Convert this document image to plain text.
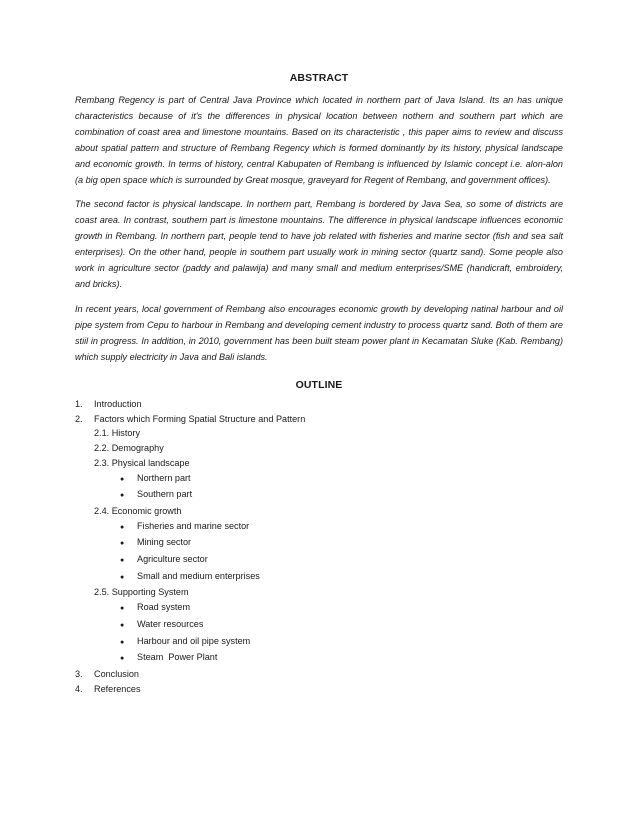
ABSTRACT

Rembang Regency is part of Central Java Province which located in northern part of Java Island. Its an has unique characteristics because of it's the differences in physical location between nothern and southern part which are combination of coast area and limestone mountains. Based on its characteristic , this paper aims to review and discuss about spatial pattern and structure of Rembang Regency which is formed dominantly by its history, physical landscape and economic growth. In terms of history, central Kabupaten of Rembang is influenced by Islamic concept i.e. alon-alon (a big open space which is surrounded by Great mosque, graveyard for Regent of Rembang, and government offices).

The second factor is physical landscape. In northern part, Rembang is bordered by Java Sea, so some of districts are coast area. In contrast, southern part is limestone mountains. The difference in physical landscape influences economic growth in Rembang. In northern part, people tend to have job related with fisheries and marine sector (fish and sea salt enterprises). On the other hand, people in southern part usually work in mining sector (quartz sand). Some people also work in agriculture sector (paddy and palawija) and many small and medium enterprises/SME (handicraft, embroidery, and bricks).

In recent years, local government of Rembang also encourages economic growth by developing natinal harbour and oil pipe system from Cepu to harbour in Rembang and developing cement industry to process quartz sand. Both of them are stiil in progress. In addition, in 2010, government has been built steam power plant in Kecamatan Sluke (Kab. Rembang) which supply electricity in Java and Bali islands.

OUTLINE
1.	Introduction
2.	Factors which Forming Spatial Structure and Pattern
2.1. History
2.2. Demography
2.3. Physical landscape
●	Northern part
●	Southern part
2.4. Economic growth
●	Fisheries and marine sector
●	Mining sector
●	Agriculture sector
●	Small and medium enterprises
2.5. Supporting System
●	Road system
●	Water resources
●	Harbour and oil pipe system
●	Steam  Power Plant
3.	Conclusion
4.	References
